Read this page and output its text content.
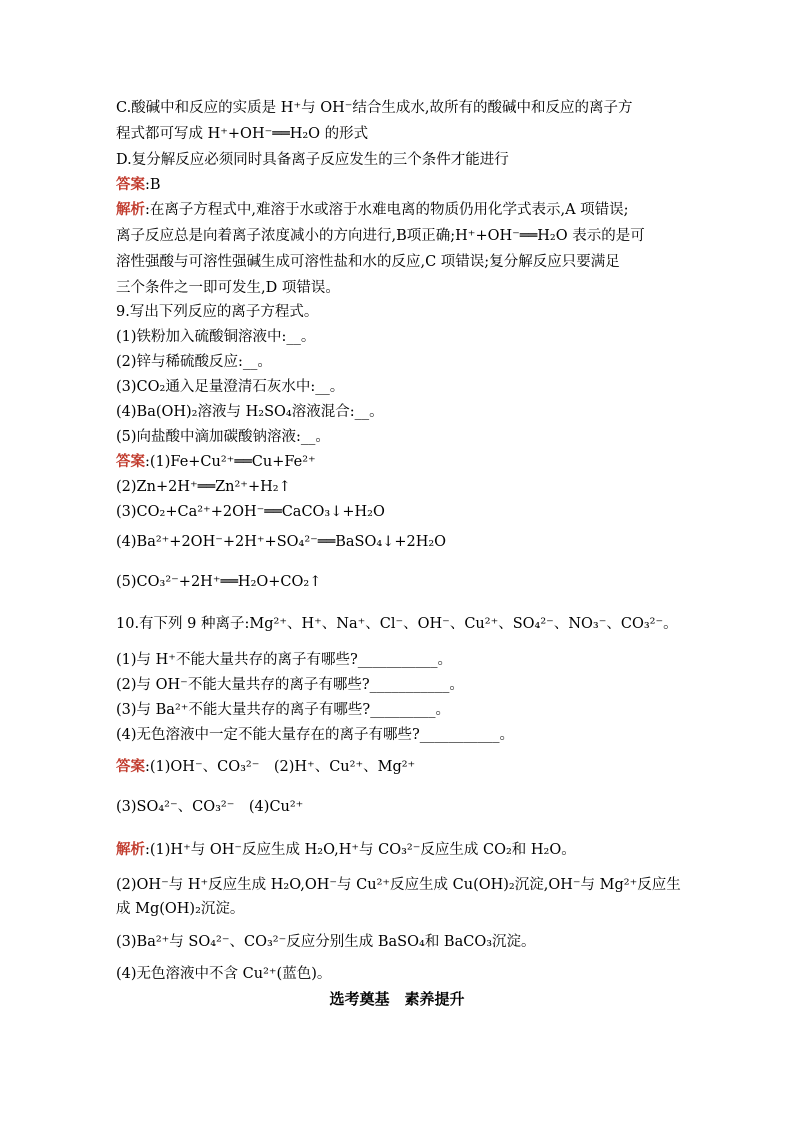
C.酸碱中和反应的实质是 H⁺与 OH⁻结合生成水,故所有的酸碱中和反应的离子方
程式都可写成 H⁺+OH⁻══H₂O 的形式
D.复分解反应必须同时具备离子反应发生的三个条件才能进行
答案:B
解析:在离子方程式中,难溶于水或溶于水难电离的物质仍用化学式表示,A 项错误;
离子反应总是向着离子浓度减小的方向进行,B项正确;H⁺+OH⁻══H₂O 表示的是可
溶性强酸与可溶性强碱生成可溶性盐和水的反应,C 项错误;复分解反应只要满足
三个条件之一即可发生,D 项错误。
9.写出下列反应的离子方程式。
(1)铁粉加入硫酸铜溶液中:__。
(2)锌与稀硫酸反应:__。
(3)CO₂通入足量澄清石灰水中:__。
(4)Ba(OH)₂溶液与 H₂SO₄溶液混合:__。
(5)向盐酸中滴加碳酸钠溶液:__。
答案:(1)Fe+Cu²⁺══Cu+Fe²⁺
(2)Zn+2H⁺══Zn²⁺+H₂↑
(3)CO₂+Ca²⁺+2OH⁻══CaCO₃↓+H₂O
(4)Ba²⁺+2OH⁻+2H⁺+SO₄²⁻══BaSO₄↓+2H₂O
(5)CO₃²⁻+2H⁺══H₂O+CO₂↑
10.有下列 9 种离子:Mg²⁺、H⁺、Na⁺、Cl⁻、OH⁻、Cu²⁺、SO₄²⁻、NO₃⁻、CO₃²⁻。
(1)与 H⁺不能大量共存的离子有哪些?___________。
(2)与 OH⁻不能大量共存的离子有哪些?___________。
(3)与 Ba²⁺不能大量共存的离子有哪些?_________。
(4)无色溶液中一定不能大量存在的离子有哪些?___________。
答案:(1)OH⁻、CO₃²⁻　(2)H⁺、Cu²⁺、Mg²⁺
(3)SO₄²⁻、CO₃²⁻　(4)Cu²⁺
解析:(1)H⁺与 OH⁻反应生成 H₂O,H⁺与 CO₃²⁻反应生成 CO₂和 H₂O。
(2)OH⁻与 H⁺反应生成 H₂O,OH⁻与 Cu²⁺反应生成 Cu(OH)₂沉淀,OH⁻与 Mg²⁺反应生
成 Mg(OH)₂沉淀。
(3)Ba²⁺与 SO₄²⁻、CO₃²⁻反应分别生成 BaSO₄和 BaCO₃沉淀。
(4)无色溶液中不含 Cu²⁺(蓝色)。
选考奠基　素养提升
